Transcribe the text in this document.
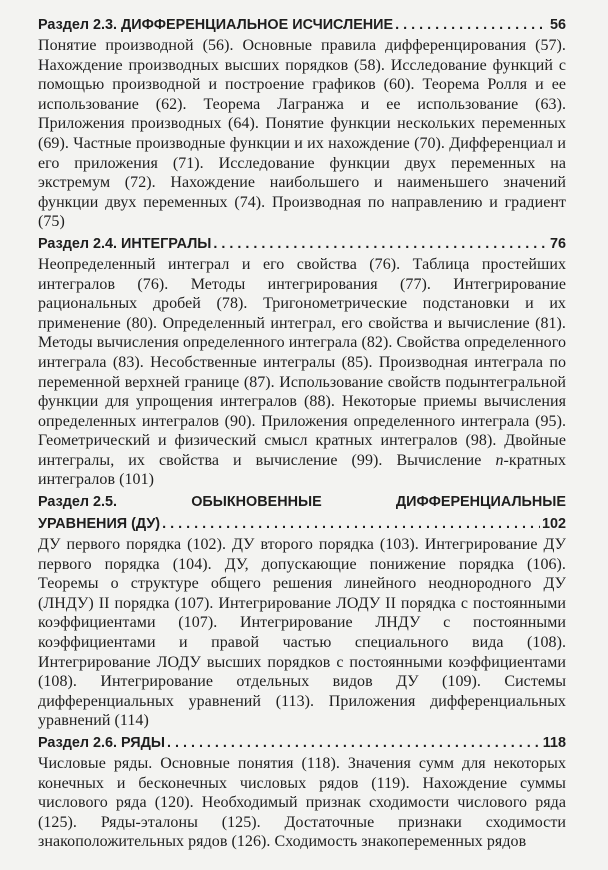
Раздел 2.3. ДИФФЕРЕНЦИАЛЬНОЕ ИСЧИСЛЕНИЕ . . .	56

Понятие производной (56). Основные правила дифференцирования (57). Нахождение производных высших порядков (58). Исследование функций с помощью производной и построение графиков (60). Теорема Ролля и ее использование (62). Теорема Лагранжа и ее использование (63). Приложения производных (64). Понятие функции нескольких переменных (69). Частные производные функции и их нахождение (70). Дифференциал и его приложения (71). Исследование функции двух переменных на экстремум (72). Нахождение наибольшего и наименьшего значений функции двух переменных (74). Производная по направлению и градиент (75)

Раздел 2.4. ИНТЕГРАЛЫ . . .	76

Неопределенный интеграл и его свойства (76). Таблица простейших интегралов (76). Методы интегрирования (77). Интегрирование рациональных дробей (78). Тригонометрические подстановки и их применение (80). Определенный интеграл, его свойства и вычисление (81). Методы вычисления определенного интеграла (82). Свойства определенного интеграла (83). Несобственные интегралы (85). Производная интеграла по переменной верхней границе (87). Использование свойств подынтегральной функции для упрощения интегралов (88). Некоторые приемы вычисления определенных интегралов (90). Приложения определенного интеграла (95). Геометрический и физический смысл кратных интегралов (98). Двойные интегралы, их свойства и вычисление (99). Вычисление n-кратных интегралов (101)

Раздел 2.5.	ОБЫКНОВЕННЫЕ	ДИФФЕРЕНЦИАЛЬНЫЕ
УРАВНЕНИЯ (ДУ) . . .	102

ДУ первого порядка (102). ДУ второго порядка (103). Интегрирование ДУ первого порядка (104). ДУ, допускающие понижение порядка (106). Теоремы о структуре общего решения линейного неоднородного ДУ (ЛНДУ) II порядка (107). Интегрирование ЛОДУ II порядка с постоянными коэффициентами (107). Интегрирование ЛНДУ с постоянными коэффициентами и правой частью специального вида (108). Интегрирование ЛОДУ высших порядков с постоянными коэффициентами (108). Интегрирование отдельных видов ДУ (109). Системы дифференциальных уравнений (113). Приложения дифференциальных уравнений (114)

Раздел 2.6. РЯДЫ . . .	118

Числовые ряды. Основные понятия (118). Значения сумм для некоторых конечных и бесконечных числовых рядов (119). Нахождение суммы числового ряда (120). Необходимый признак сходимости числового ряда (125). Ряды-эталоны (125). Достаточные признаки сходимости знакоположительных рядов (126). Сходимость знакопеременных рядов
